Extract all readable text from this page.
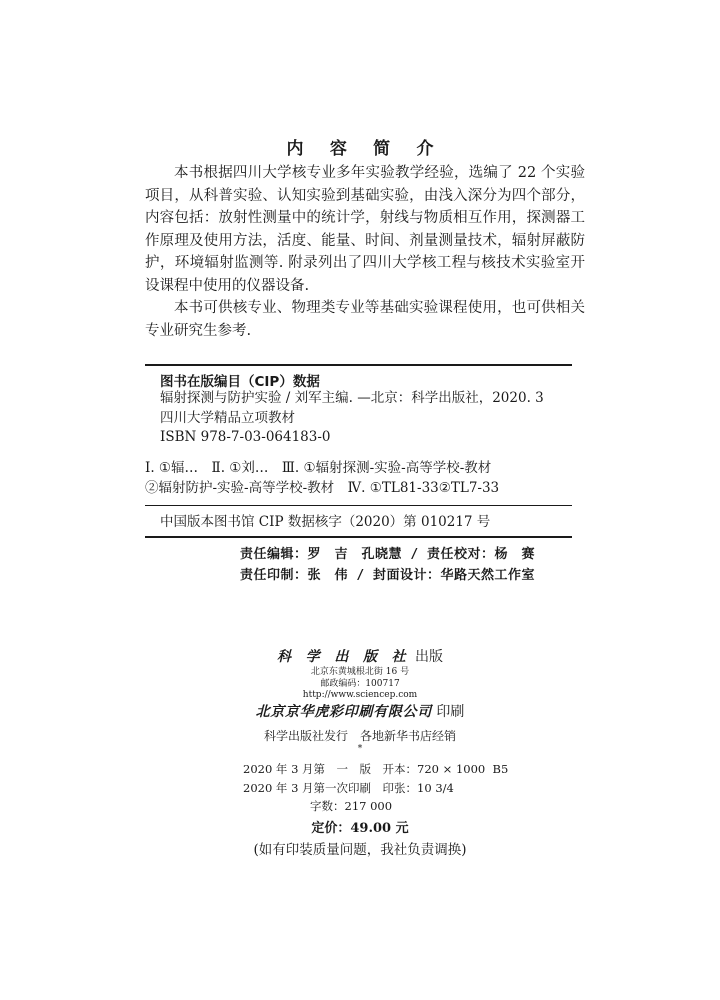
内 容 简 介

本书根据四川大学核专业多年实验教学经验，选编了 22 个实验项目，从科普实验、认知实验到基础实验，由浅入深分为四个部分，内容包括：放射性测量中的统计学，射线与物质相互作用，探测器工作原理及使用方法，活度、能量、时间、剂量测量技术，辐射屏蔽防护，环境辐射监测等. 附录列出了四川大学核工程与核技术实验室开设课程中使用的仪器设备.

本书可供核专业、物理类专业等基础实验课程使用，也可供相关专业研究生参考.

图书在版编目（CIP）数据
辐射探测与防护实验 / 刘军主编. —北京：科学出版社，2020. 3
四川大学精品立项教材
ISBN 978-7-03-064183-0
Ⅰ. ①辐…　Ⅱ. ①刘…　Ⅲ. ①辐射探测-实验-高等学校-教材
②辐射防护-实验-高等学校-教材　Ⅳ. ①TL81-33②TL7-33
中国版本图书馆 CIP 数据核字（2020）第 010217 号
责任编辑：罗　吉　孔晓慧 / 责任校对：杨　赛
责任印制：张　伟 / 封面设计：华路天然工作室
科 学 出 版 社 出版
北京东黄城根北街 16 号
邮政编码：100717
http://www.sciencep.com
北京京华虎彩印刷有限公司 印刷
科学出版社发行　各地新华书店经销
*
2020 年 3 月第　一　版　开本：720 × 1000  B5
2020 年 3 月第一次印刷　印张：10 3/4
字数：217 000
定价：49.00 元
(如有印装质量问题，我社负责调换)
